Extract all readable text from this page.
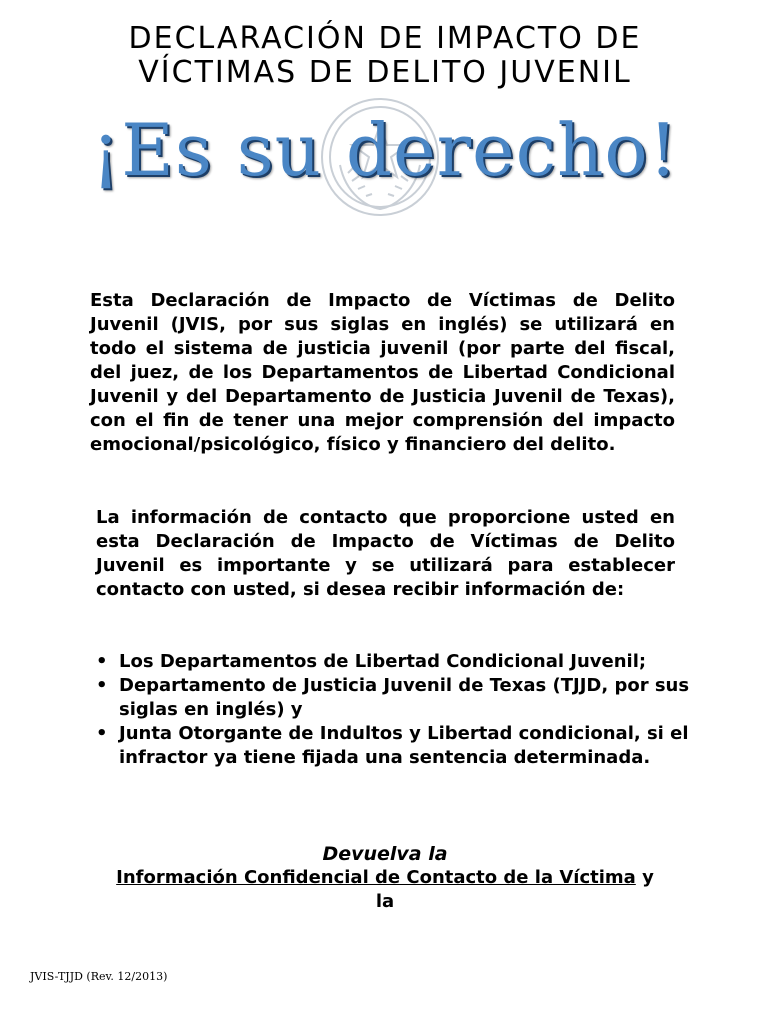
DECLARACIÓN DE IMPACTO DE
VÍCTIMAS DE DELITO JUVENIL
¡Es su derecho!

Esta Declaración de Impacto de Víctimas de Delito Juvenil (JVIS, por sus siglas en inglés) se utilizará en todo el sistema de justicia juvenil (por parte del fiscal, del juez, de los Departamentos de Libertad Condicional Juvenil y del Departamento de Justicia Juvenil de Texas), con el fin de tener una mejor comprensión del impacto emocional/psicológico, físico y financiero del delito.

La información de contacto que proporcione usted en esta Declaración de Impacto de Víctimas de Delito Juvenil es importante y se utilizará para establecer contacto con usted, si desea recibir información de:

• Los Departamentos de Libertad Condicional Juvenil;
• Departamento de Justicia Juvenil de Texas (TJJD, por sus siglas en inglés) y
• Junta Otorgante de Indultos y Libertad condicional, si el infractor ya tiene fijada una sentencia determinada.
Devuelva la
Información Confidencial de Contacto de la Víctima y
la
JVIS-TJJD (Rev. 12/2013)
